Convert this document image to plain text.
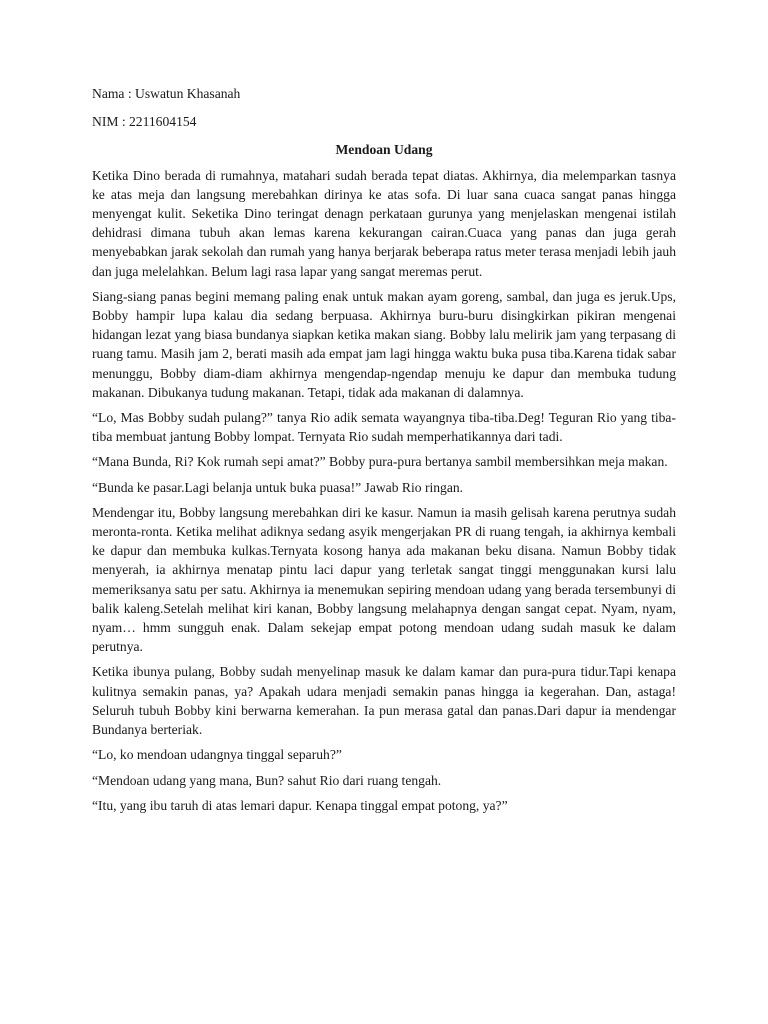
Nama : Uswatun Khasanah

NIM : 2211604154

Mendoan Udang

Ketika Dino berada di rumahnya, matahari sudah berada tepat diatas. Akhirnya, dia melemparkan tasnya ke atas meja dan langsung merebahkan dirinya ke atas sofa. Di luar sana cuaca sangat panas hingga menyengat kulit. Seketika Dino teringat denagn perkataan gurunya yang menjelaskan mengenai istilah dehidrasi dimana tubuh akan lemas karena kekurangan cairan.Cuaca yang panas dan juga gerah menyebabkan jarak sekolah dan rumah yang hanya berjarak beberapa ratus meter terasa menjadi lebih jauh dan juga melelahkan. Belum lagi rasa lapar yang sangat meremas perut.

Siang-siang panas begini memang paling enak untuk makan ayam goreng, sambal, dan juga es jeruk.Ups, Bobby hampir lupa kalau dia sedang berpuasa. Akhirnya buru-buru disingkirkan pikiran mengenai hidangan lezat yang biasa bundanya siapkan ketika makan siang. Bobby lalu melirik jam yang terpasang di ruang tamu. Masih jam 2, berati masih ada empat jam lagi hingga waktu buka pusa tiba.Karena tidak sabar menunggu, Bobby diam-diam akhirnya mengendap-ngendap menuju ke dapur dan membuka tudung makanan. Dibukanya tudung makanan. Tetapi, tidak ada makanan di dalamnya.

“Lo, Mas Bobby sudah pulang?” tanya Rio adik semata wayangnya tiba-tiba.Deg! Teguran Rio yang tiba-tiba membuat jantung Bobby lompat. Ternyata Rio sudah memperhatikannya dari tadi.

“Mana Bunda, Ri? Kok rumah sepi amat?” Bobby pura-pura bertanya sambil membersihkan meja makan.

“Bunda ke pasar.Lagi belanja untuk buka puasa!” Jawab Rio ringan.

Mendengar itu, Bobby langsung merebahkan diri ke kasur. Namun ia masih gelisah karena perutnya sudah meronta-ronta. Ketika melihat adiknya sedang asyik mengerjakan PR di ruang tengah, ia akhirnya kembali ke dapur dan membuka kulkas.Ternyata kosong hanya ada makanan beku disana. Namun Bobby tidak menyerah, ia akhirnya menatap pintu laci dapur yang terletak sangat tinggi menggunakan kursi lalu memeriksanya satu per satu. Akhirnya ia menemukan sepiring mendoan udang yang berada tersembunyi di balik kaleng.Setelah melihat kiri kanan, Bobby langsung melahapnya dengan sangat cepat. Nyam, nyam, nyam… hmm sungguh enak. Dalam sekejap empat potong mendoan udang sudah masuk ke dalam perutnya.

Ketika ibunya pulang, Bobby sudah menyelinap masuk ke dalam kamar dan pura-pura tidur.Tapi kenapa kulitnya semakin panas, ya? Apakah udara menjadi semakin panas hingga ia kegerahan. Dan, astaga! Seluruh tubuh Bobby kini berwarna kemerahan. Ia pun merasa gatal dan panas.Dari dapur ia mendengar Bundanya berteriak.

“Lo, ko mendoan udangnya tinggal separuh?”

“Mendoan udang yang mana, Bun? sahut Rio dari ruang tengah.

“Itu, yang ibu taruh di atas lemari dapur. Kenapa tinggal empat potong, ya?”
